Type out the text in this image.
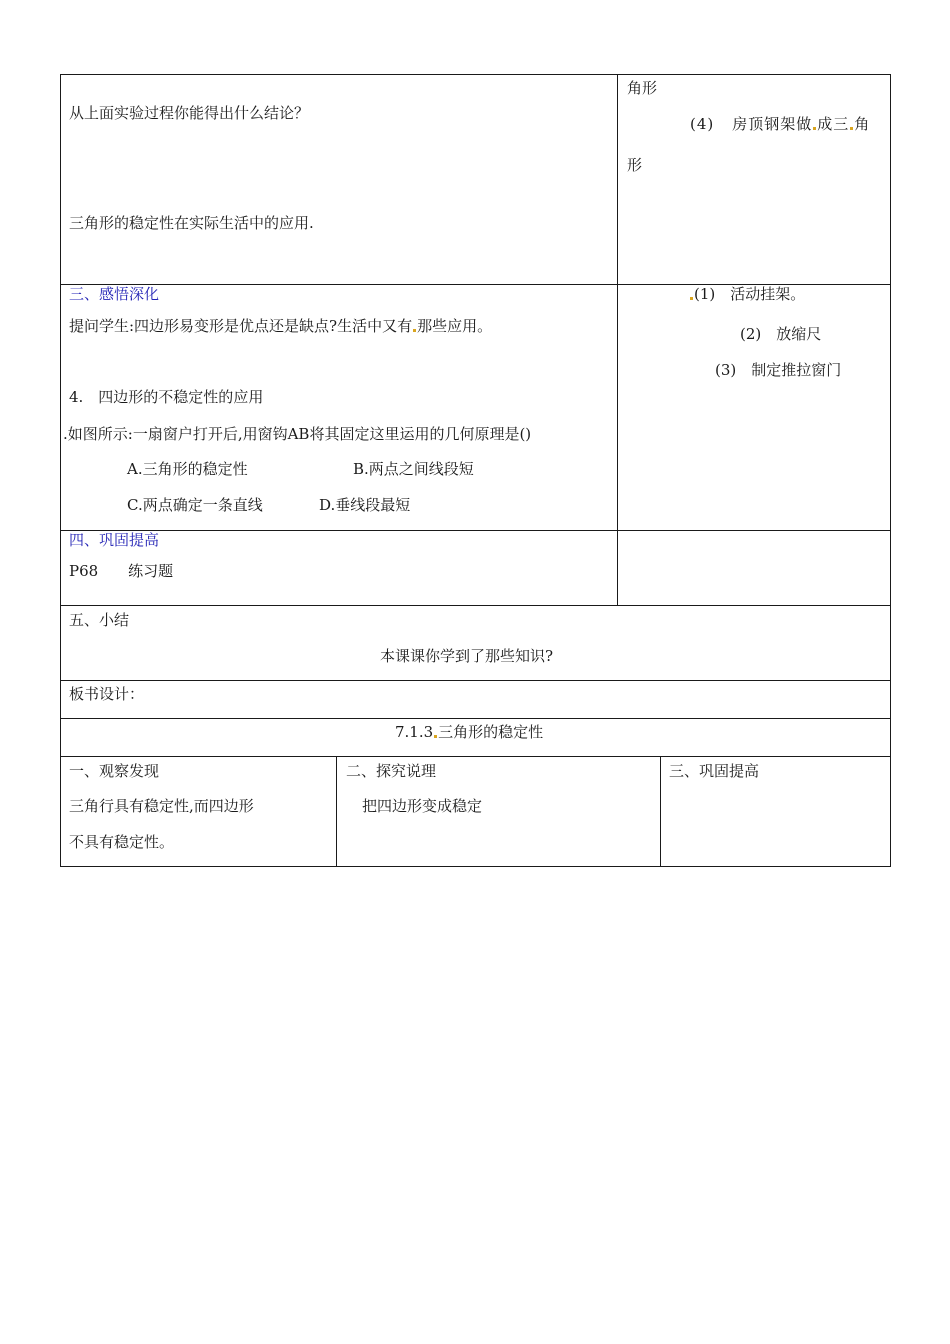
从上面实验过程你能得出什么结论？
三角形的稳定性在实际生活中的应用.
角形
(4) 房顶钢架做 成三 角
形
三、感悟深化
提问学生:四边形易变形是优点还是缺点?生活中又有 那些应用。
4.　四边形的不稳定性的应用
.如图所示:一扇窗户打开后,用窗钩AB将其固定这里运用的几何原理是()
A.三角形的稳定性	B.两点之间线段短
C.两点确定一条直线	D.垂线段最短
(1)　活动挂架。
(2)　放缩尺
(3)　制定推拉窗门
四、巩固提高
P68　　练习题
五、小结
本课课你学到了那些知识?
板书设计：
7.1.3 三角形的稳定性
一、观察发现
三角行具有稳定性,而四边形
不具有稳定性。
二、探究说理
把四边形变成稳定
三、巩固提高
